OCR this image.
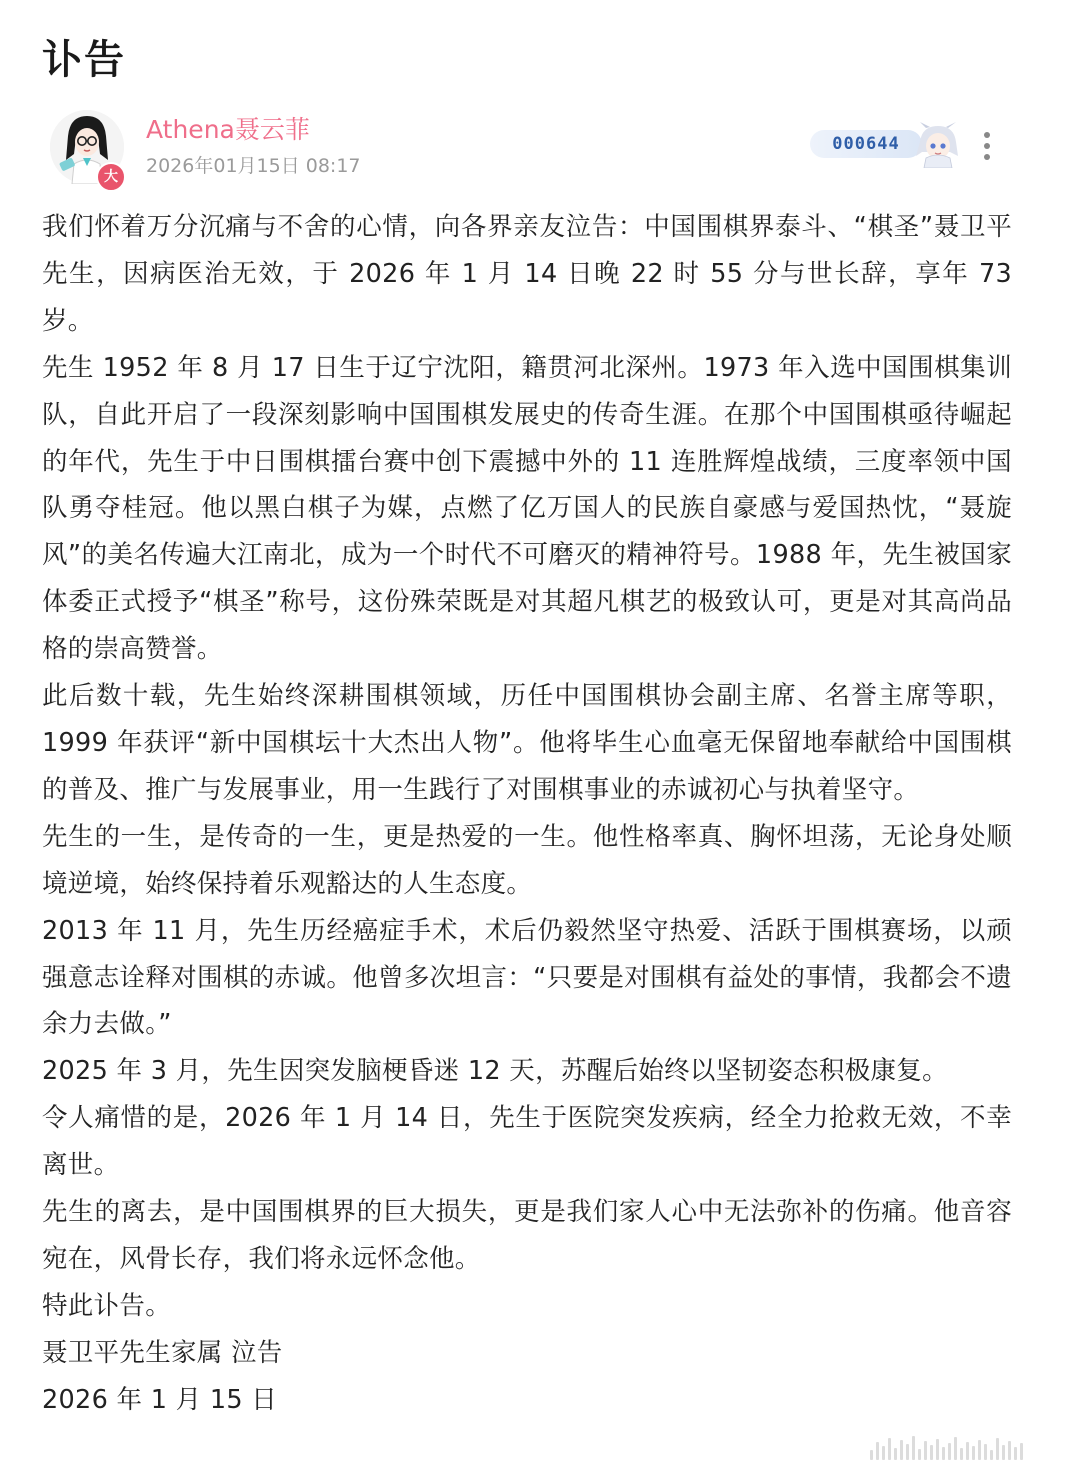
讣告
大
Athena聂云菲
2026年01月15日 08:17
000644

我们怀着万分沉痛与不舍的心情，向各界亲友泣告：中国围棋界泰斗、“棋圣”聂卫平先生，因病医治无效，于 2026 年 1 月 14 日晚 22 时 55 分与世长辞，享年 73 岁。

先生 1952 年 8 月 17 日生于辽宁沈阳，籍贯河北深州。1973 年入选中国围棋集训队，自此开启了一段深刻影响中国围棋发展史的传奇生涯。在那个中国围棋亟待崛起的年代，先生于中日围棋擂台赛中创下震撼中外的 11 连胜辉煌战绩，三度率领中国队勇夺桂冠。他以黑白棋子为媒，点燃了亿万国人的民族自豪感与爱国热忱，“聂旋风”的美名传遍大江南北，成为一个时代不可磨灭的精神符号。1988 年，先生被国家体委正式授予“棋圣”称号，这份殊荣既是对其超凡棋艺的极致认可，更是对其高尚品格的崇高赞誉。

此后数十载，先生始终深耕围棋领域，历任中国围棋协会副主席、名誉主席等职，1999 年获评“新中国棋坛十大杰出人物”。他将毕生心血毫无保留地奉献给中国围棋的普及、推广与发展事业，用一生践行了对围棋事业的赤诚初心与执着坚守。

先生的一生，是传奇的一生，更是热爱的一生。他性格率真、胸怀坦荡，无论身处顺境逆境，始终保持着乐观豁达的人生态度。

2013 年 11 月，先生历经癌症手术，术后仍毅然坚守热爱、活跃于围棋赛场，以顽强意志诠释对围棋的赤诚。他曾多次坦言：“只要是对围棋有益处的事情，我都会不遗余力去做。”

2025 年 3 月，先生因突发脑梗昏迷 12 天，苏醒后始终以坚韧姿态积极康复。

令人痛惜的是，2026 年 1 月 14 日，先生于医院突发疾病，经全力抢救无效，不幸离世。

先生的离去，是中国围棋界的巨大损失，更是我们家人心中无法弥补的伤痛。他音容宛在，风骨长存，我们将永远怀念他。

特此讣告。

聂卫平先生家属 泣告

2026 年 1 月 15 日
